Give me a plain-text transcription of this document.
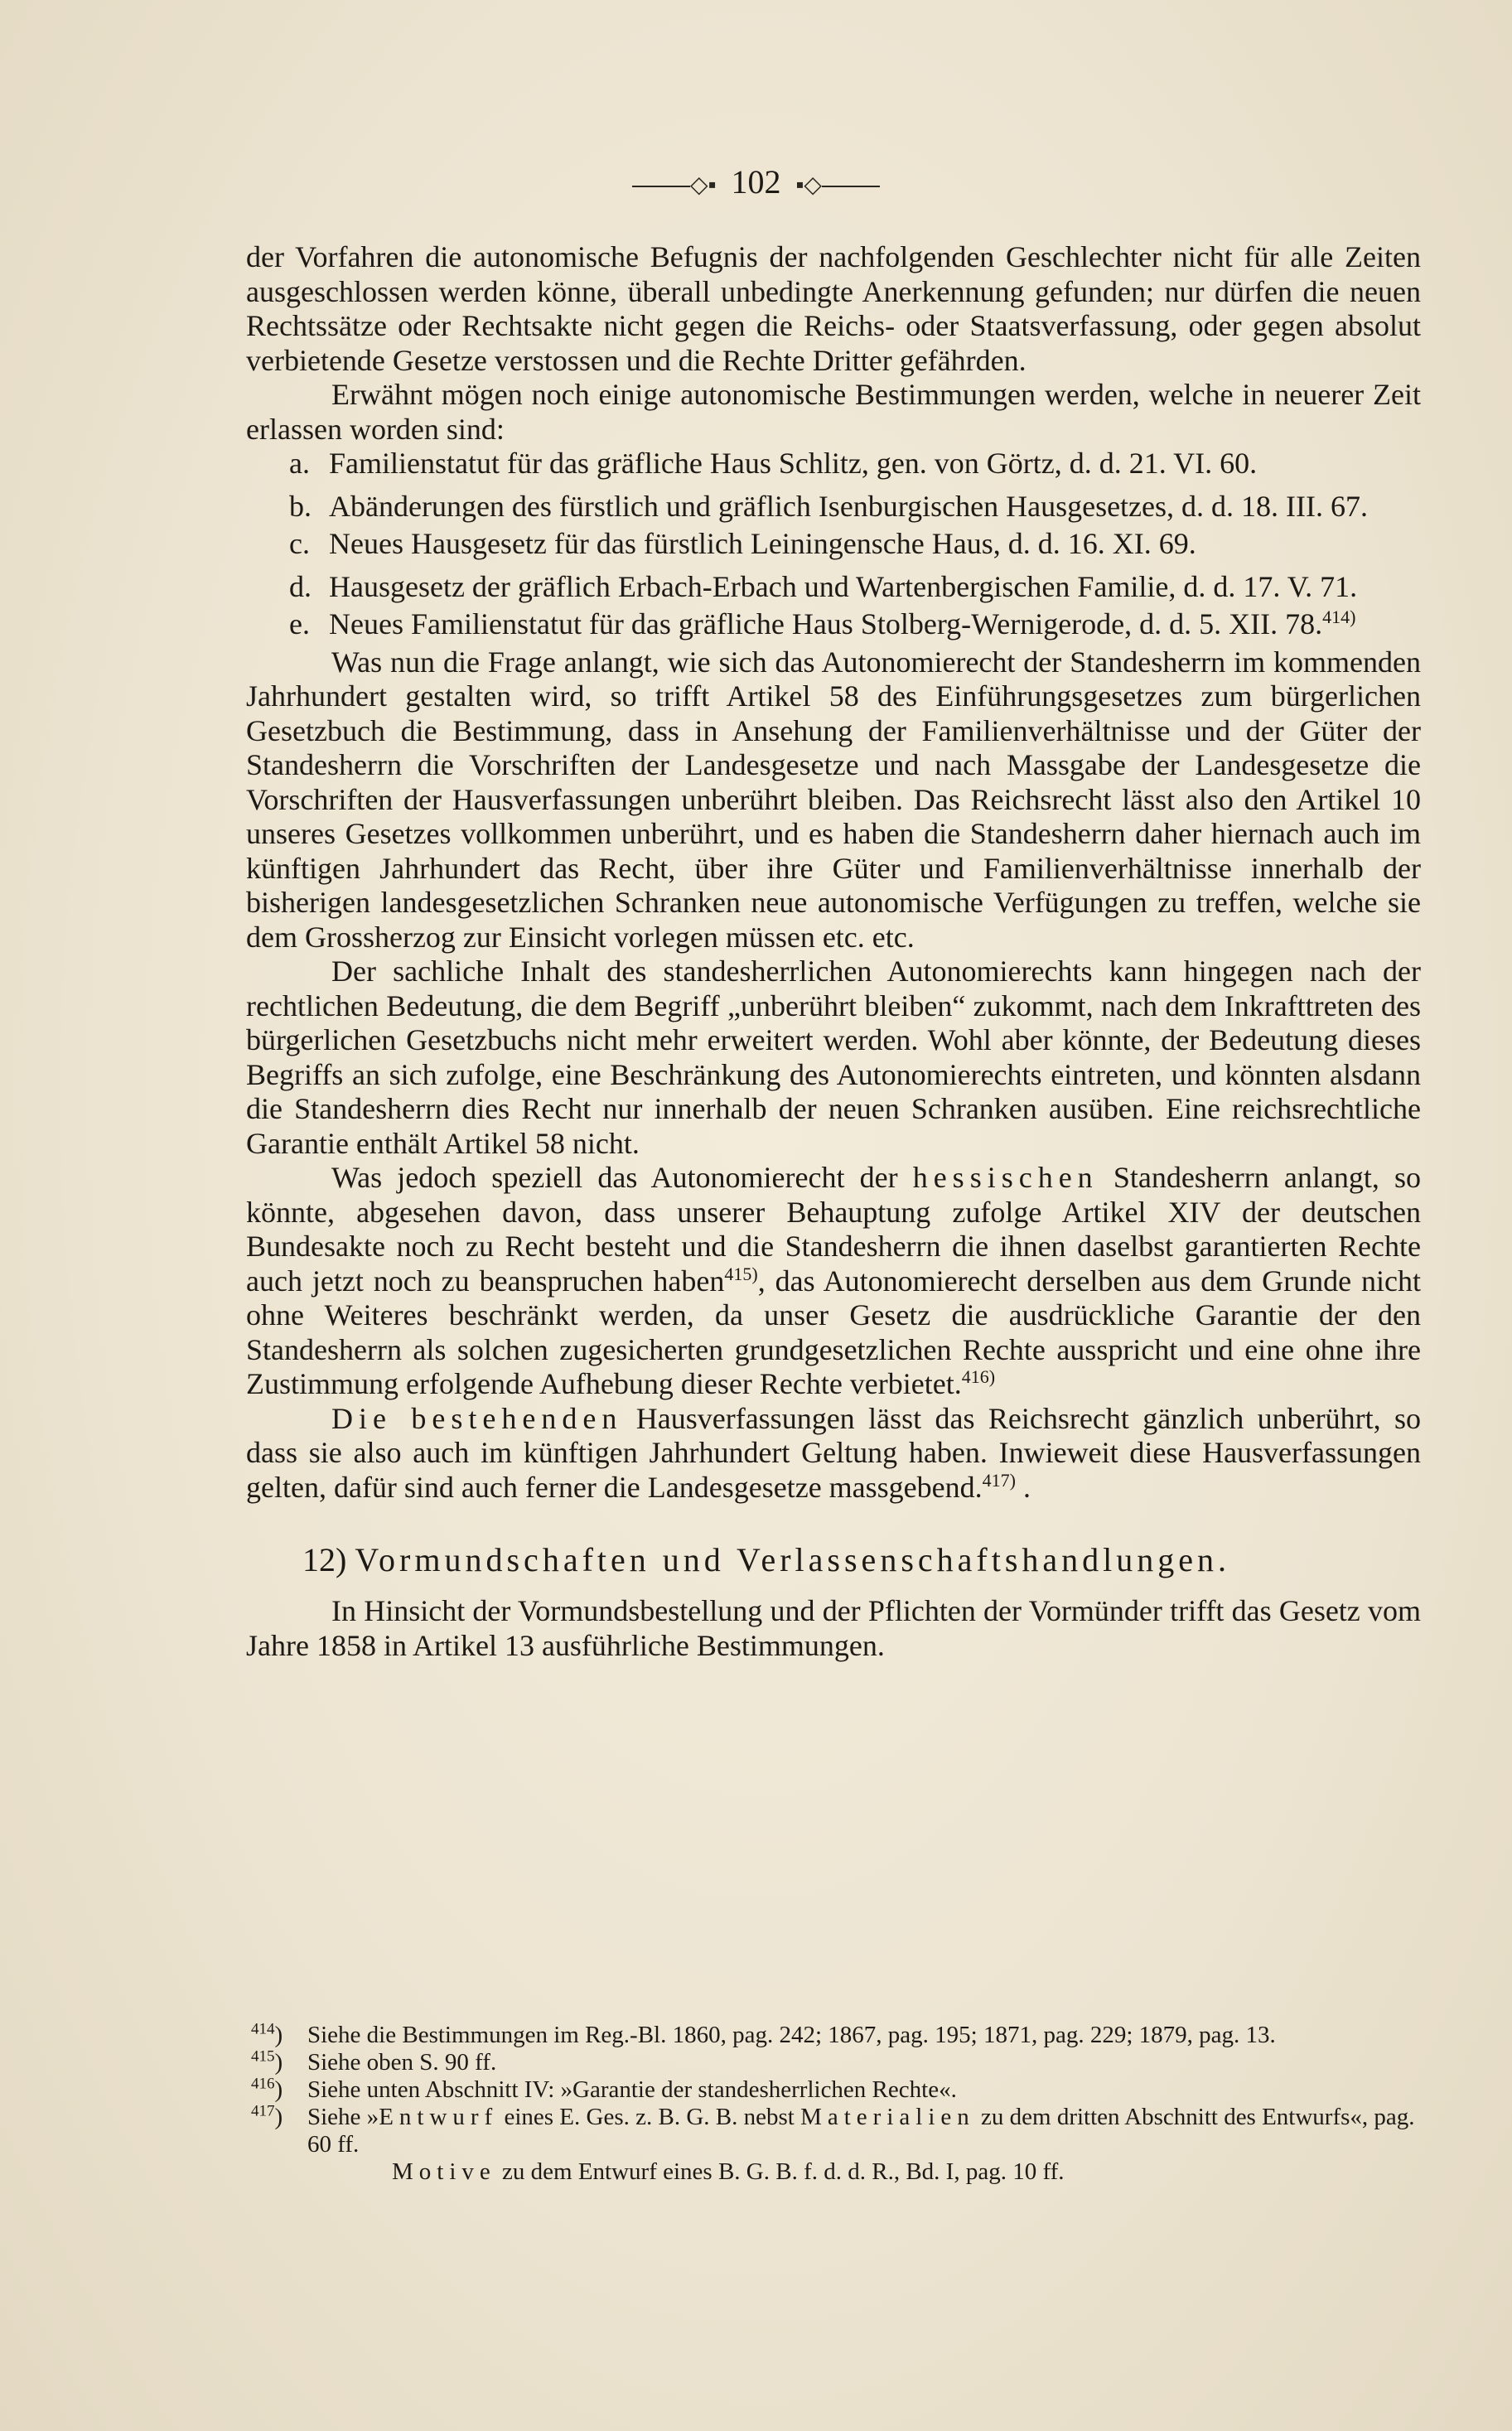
◇▪ 102 ▪◇

der Vorfahren die autonomische Befugnis der nachfolgenden Geschlechter nicht für alle Zeiten ausgeschlossen werden könne, überall unbedingte Anerkennung gefunden; nur dürfen die neuen Rechtssätze oder Rechtsakte nicht gegen die Reichs- oder Staatsverfassung, oder gegen absolut verbietende Gesetze verstossen und die Rechte Dritter gefährden.

Erwähnt mögen noch einige autonomische Bestimmungen werden, welche in neuerer Zeit erlassen worden sind:

a. Familienstatut für das gräfliche Haus Schlitz, gen. von Görtz, d. d. 21. VI. 60.

b. Abänderungen des fürstlich und gräflich Isenburgischen Hausgesetzes, d. d. 18. III. 67.

c. Neues Hausgesetz für das fürstlich Leiningensche Haus, d. d. 16. XI. 69.

d. Hausgesetz der gräflich Erbach-Erbach und Wartenbergischen Familie, d. d. 17. V. 71.

e. Neues Familienstatut für das gräfliche Haus Stolberg-Wernigerode, d. d. 5. XII. 78.$^{414)}$

Was nun die Frage anlangt, wie sich das Autonomierecht der Standesherrn im kommenden Jahrhundert gestalten wird, so trifft Artikel 58 des Einführungsgesetzes zum bürgerlichen Gesetzbuch die Bestimmung, dass in Ansehung der Familienverhältnisse und der Güter der Standesherrn die Vorschriften der Landesgesetze und nach Massgabe der Landesgesetze die Vorschriften der Hausverfassungen unberührt bleiben. Das Reichsrecht lässt also den Artikel 10 unseres Gesetzes vollkommen unberührt, und es haben die Standesherrn daher hiernach auch im künftigen Jahrhundert das Recht, über ihre Güter und Familienverhältnisse innerhalb der bisherigen landesgesetzlichen Schranken neue autonomische Verfügungen zu treffen, welche sie dem Grossherzog zur Einsicht vorlegen müssen etc. etc.

Der sachliche Inhalt des standesherrlichen Autonomierechts kann hingegen nach der rechtlichen Bedeutung, die dem Begriff „unberührt bleiben“ zukommt, nach dem Inkrafttreten des bürgerlichen Gesetzbuchs nicht mehr erweitert werden. Wohl aber könnte, der Bedeutung dieses Begriffs an sich zufolge, eine Beschränkung des Autonomierechts eintreten, und könnten alsdann die Standesherrn dies Recht nur innerhalb der neuen Schranken ausüben. Eine reichsrechtliche Garantie enthält Artikel 58 nicht.

Was jedoch speziell das Autonomierecht der hessischen Standesherrn anlangt, so könnte, abgesehen davon, dass unserer Behauptung zufolge Artikel XIV der deutschen Bundesakte noch zu Recht besteht und die Standesherrn die ihnen daselbst garantierten Rechte auch jetzt noch zu beanspruchen haben$^{415)}$, das Autonomierecht derselben aus dem Grunde nicht ohne Weiteres beschränkt werden, da unser Gesetz die ausdrückliche Garantie der den Standesherrn als solchen zugesicherten grundgesetzlichen Rechte ausspricht und eine ohne ihre Zustimmung erfolgende Aufhebung dieser Rechte verbietet.$^{416)}$

Die bestehenden Hausverfassungen lässt das Reichsrecht gänzlich unberührt, so dass sie also auch im künftigen Jahrhundert Geltung haben. Inwieweit diese Hausverfassungen gelten, dafür sind auch ferner die Landesgesetze massgebend.$^{417)}$ .

12) Vormundschaften und Verlassenschaftshandlungen.

In Hinsicht der Vormundsbestellung und der Pflichten der Vormünder trifft das Gesetz vom Jahre 1858 in Artikel 13 ausführliche Bestimmungen.

$^{414}$) Siehe die Bestimmungen im Reg.-Bl. 1860, pag. 242; 1867, pag. 195; 1871, pag. 229; 1879, pag. 13.

$^{415}$) Siehe oben S. 90 ff.

$^{416}$) Siehe unten Abschnitt IV: »Garantie der standesherrlichen Rechte«.

$^{417}$) Siehe »Entwurf eines E. Ges. z. B. G. B. nebst Materialien zu dem dritten Abschnitt des Entwurfs«, pag. 60 ff.

Motive zu dem Entwurf eines B. G. B. f. d. d. R., Bd. I, pag. 10 ff.
